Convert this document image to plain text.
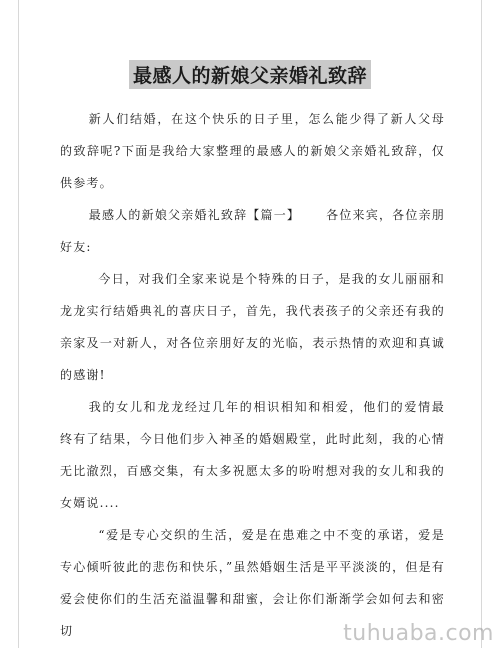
最感人的新娘父亲婚礼致辞

新人们结婚，在这个快乐的日子里，怎么能少得了新人父母的致辞呢?下面是我给大家整理的最感人的新娘父亲婚礼致辞，仅供参考。

最感人的新娘父亲婚礼致辞【篇一】 各位来宾，各位亲朋好友:

今日，对我们全家来说是个特殊的日子，是我的女儿丽丽和龙龙实行结婚典礼的喜庆日子，首先，我代表孩子的父亲还有我的亲家及一对新人，对各位亲朋好友的光临，表示热情的欢迎和真诚的感谢!

我的女儿和龙龙经过几年的相识相知和相爱，他们的爱情最终有了结果，今日他们步入神圣的婚姻殿堂，此时此刻，我的心情无比澈烈，百感交集，有太多祝愿太多的吩咐想对我的女儿和我的女婿说....

“爱是专心交织的生活，爱是在患难之中不变的承诺，爱是专心倾听彼此的悲伤和快乐，”虽然婚姻生活是平平淡淡的，但是有爱会使你们的生活充溢温馨和甜蜜，会让你们渐渐学会如何去和密切	tuhuaba.com
